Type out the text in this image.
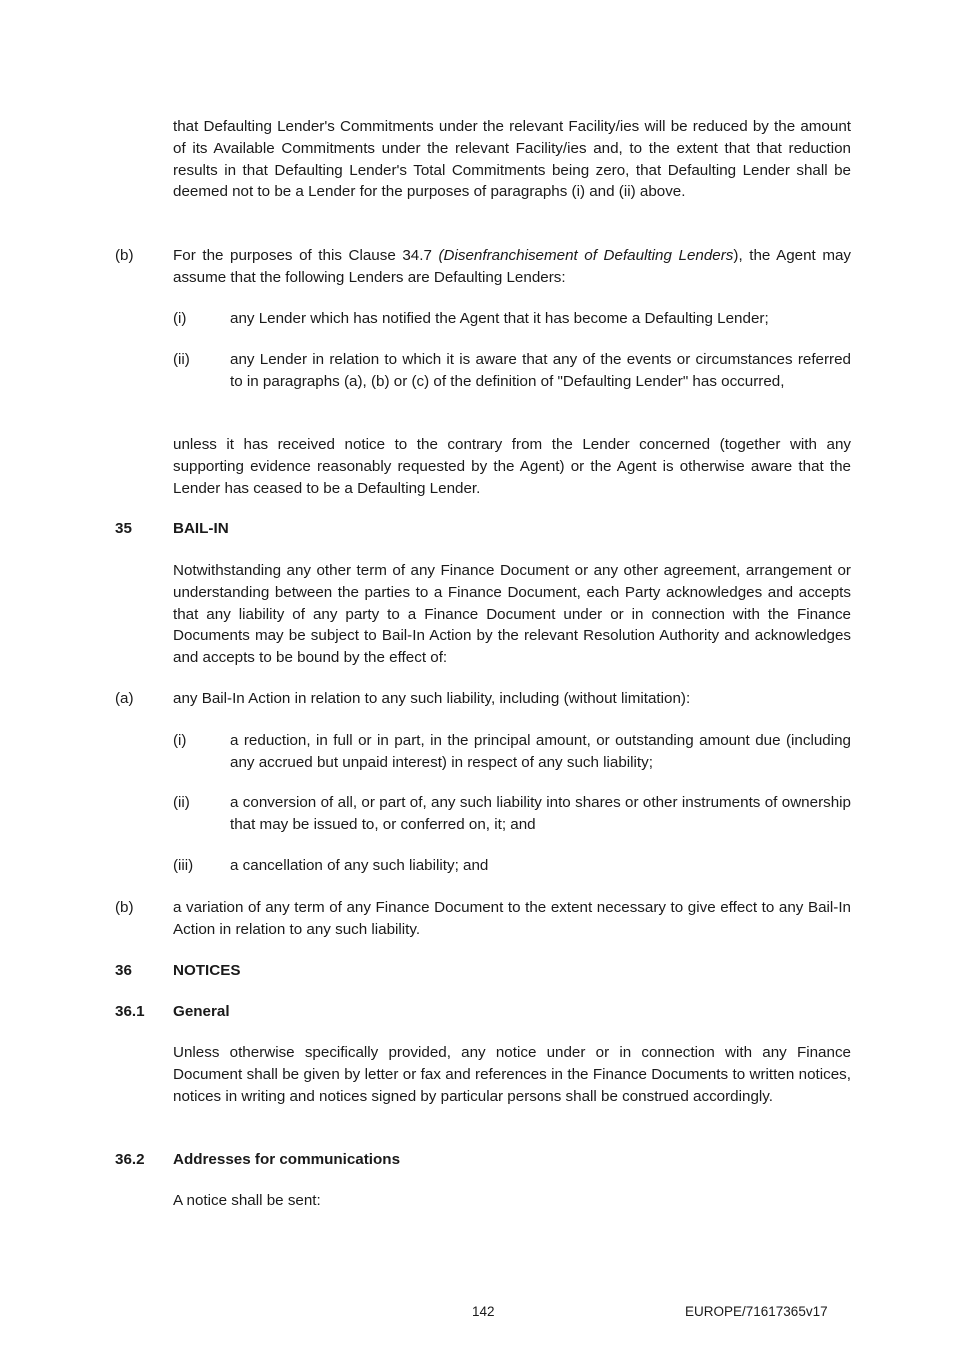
that Defaulting Lender's Commitments under the relevant Facility/ies will be reduced by the amount of its Available Commitments under the relevant Facility/ies and, to the extent that that reduction results in that Defaulting Lender's Total Commitments being zero, that Defaulting Lender shall be deemed not to be a Lender for the purposes of paragraphs (i) and (ii) above.

(b)	For the purposes of this Clause 34.7 (Disenfranchisement of Defaulting Lenders), the Agent may assume that the following Lenders are Defaulting Lenders:

(i)	any Lender which has notified the Agent that it has become a Defaulting Lender;

(ii)	any Lender in relation to which it is aware that any of the events or circumstances referred to in paragraphs (a), (b) or (c) of the definition of "Defaulting Lender" has occurred,

unless it has received notice to the contrary from the Lender concerned (together with any supporting evidence reasonably requested by the Agent) or the Agent is otherwise aware that the Lender has ceased to be a Defaulting Lender.

35	BAIL-IN

Notwithstanding any other term of any Finance Document or any other agreement, arrangement or understanding between the parties to a Finance Document, each Party acknowledges and accepts that any liability of any party to a Finance Document under or in connection with the Finance Documents may be subject to Bail-In Action by the relevant Resolution Authority and acknowledges and accepts to be bound by the effect of:

(a)	any Bail-In Action in relation to any such liability, including (without limitation):

(i)	a reduction, in full or in part, in the principal amount, or outstanding amount due (including any accrued but unpaid interest) in respect of any such liability;

(ii)	a conversion of all, or part of, any such liability into shares or other instruments of ownership that may be issued to, or conferred on, it; and

(iii) a cancellation of any such liability; and

(b)	a variation of any term of any Finance Document to the extent necessary to give effect to any Bail-In Action in relation to any such liability.

36	NOTICES

36.1 General

Unless otherwise specifically provided, any notice under or in connection with any Finance Document shall be given by letter or fax and references in the Finance Documents to written notices, notices in writing and notices signed by particular persons shall be construed accordingly.

36.2 Addresses for communications

A notice shall be sent:

142	EUROPE/71617365v17
